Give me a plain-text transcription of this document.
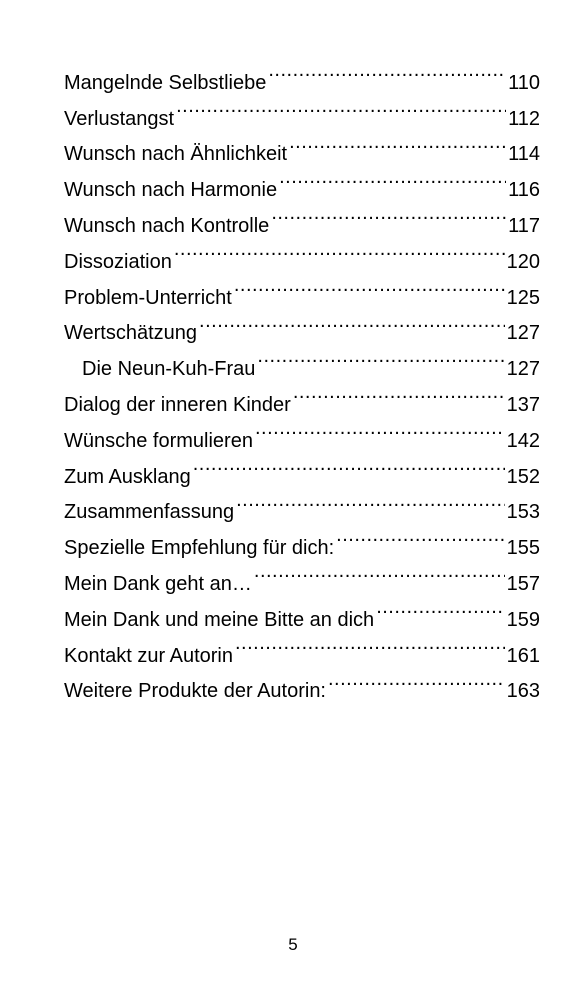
Mangelnde Selbstliebe .....	110
Verlustangst .....	112
Wunsch nach Ähnlichkeit .....	114
Wunsch nach Harmonie .....	116
Wunsch nach Kontrolle .....	117
Dissoziation .....	120
Problem-Unterricht .....	125
Wertschätzung .....	127
Die Neun-Kuh-Frau .....	127
Dialog der inneren Kinder .....	137
Wünsche formulieren .....	142
Zum Ausklang .....	152
Zusammenfassung .....	153
Spezielle Empfehlung für dich: .....	155
Mein Dank geht an… .....	157
Mein Dank und meine Bitte an dich .....	159
Kontakt zur Autorin .....	161
Weitere Produkte der Autorin: .....	163
5
